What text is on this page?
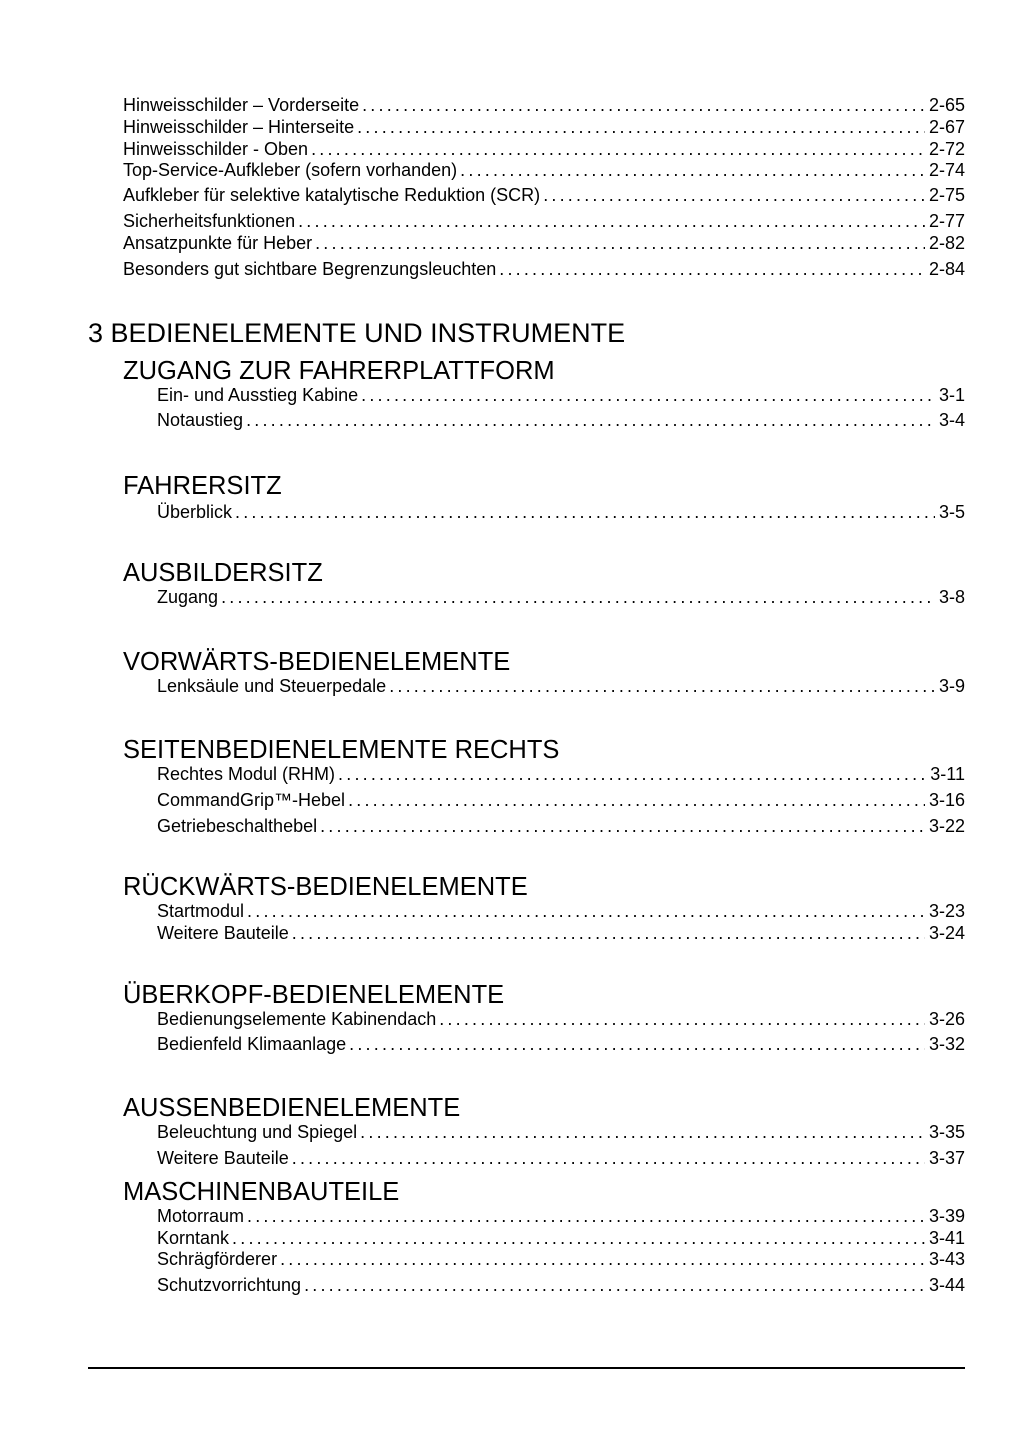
Hinweisschilder – Vorderseite .....	2-65
Hinweisschilder – Hinterseite .....	2-67
Hinweisschilder - Oben .....	2-72
Top-Service-Aufkleber (sofern vorhanden) .....	2-74
Aufkleber für selektive katalytische Reduktion (SCR) .....	2-75
Sicherheitsfunktionen .....	2-77
Ansatzpunkte für Heber .....	2-82
Besonders gut sichtbare Begrenzungsleuchten .....	2-84
3 BEDIENELEMENTE UND INSTRUMENTE
ZUGANG ZUR FAHRERPLATTFORM
Ein- und Ausstieg Kabine .....	3-1
Notaustieg .....	3-4
FAHRERSITZ
Überblick .....	3-5
AUSBILDERSITZ
Zugang .....	3-8
VORWÄRTS-BEDIENELEMENTE
Lenksäule und Steuerpedale .....	3-9
SEITENBEDIENELEMENTE RECHTS
Rechtes Modul (RHM) .....	3-11
CommandGrip™-Hebel .....	3-16
Getriebeschalthebel .....	3-22
RÜCKWÄRTS-BEDIENELEMENTE
Startmodul .....	3-23
Weitere Bauteile .....	3-24
ÜBERKOPF-BEDIENELEMENTE
Bedienungselemente Kabinendach .....	3-26
Bedienfeld Klimaanlage .....	3-32
AUSSENBEDIENELEMENTE
Beleuchtung und Spiegel .....	3-35
Weitere Bauteile .....	3-37
MASCHINENBAUTEILE
Motorraum .....	3-39
Korntank .....	3-41
Schrägförderer .....	3-43
Schutzvorrichtung .....	3-44
